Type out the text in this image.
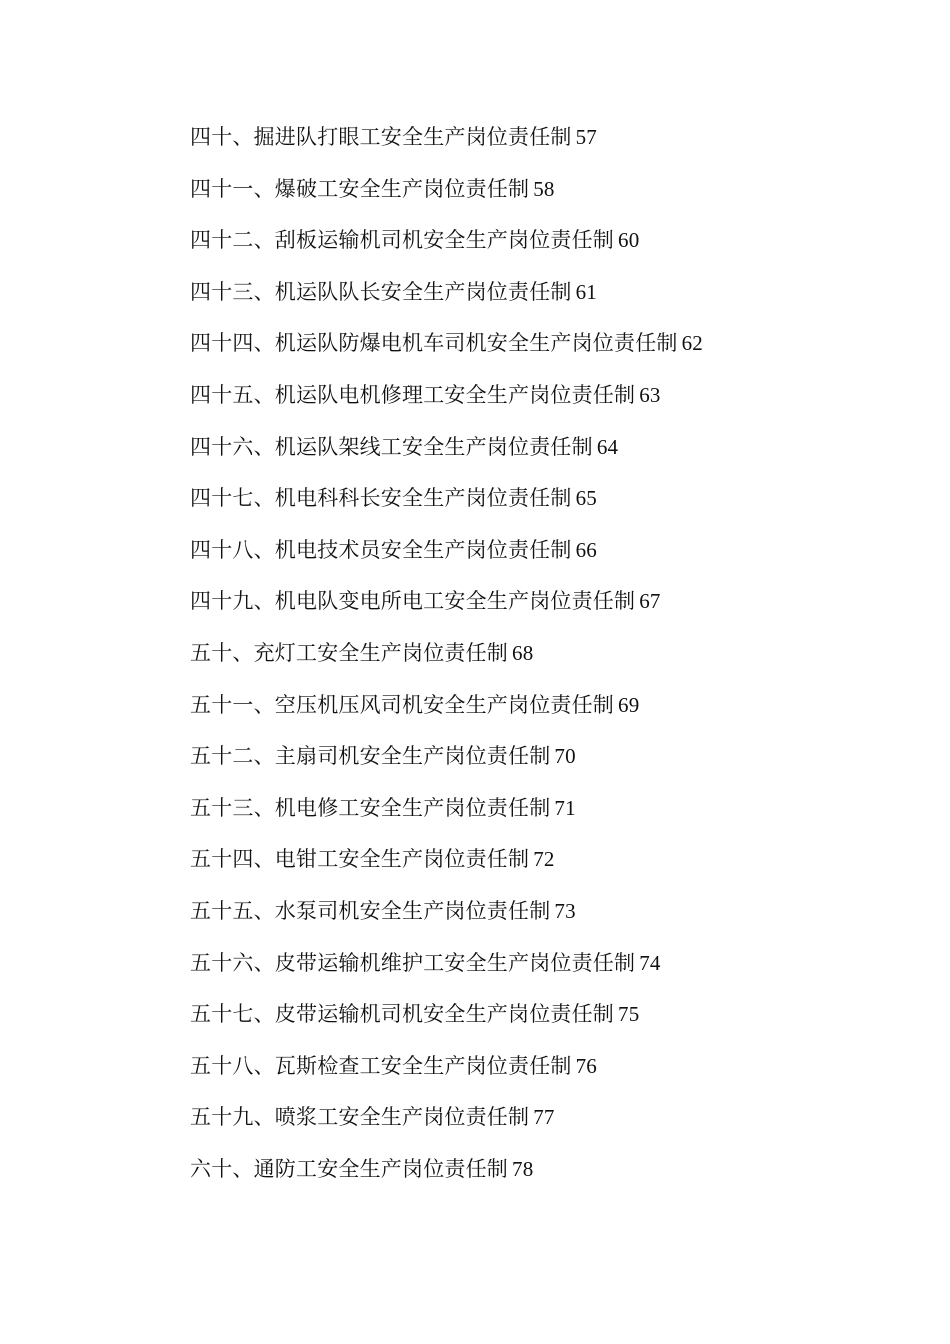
四十、掘进队打眼工安全生产岗位责任制 57
四十一、爆破工安全生产岗位责任制 58
四十二、刮板运输机司机安全生产岗位责任制 60
四十三、机运队队长安全生产岗位责任制 61
四十四、机运队防爆电机车司机安全生产岗位责任制 62
四十五、机运队电机修理工安全生产岗位责任制 63
四十六、机运队架线工安全生产岗位责任制 64
四十七、机电科科长安全生产岗位责任制 65
四十八、机电技术员安全生产岗位责任制 66
四十九、机电队变电所电工安全生产岗位责任制 67
五十、充灯工安全生产岗位责任制 68
五十一、空压机压风司机安全生产岗位责任制 69
五十二、主扇司机安全生产岗位责任制 70
五十三、机电修工安全生产岗位责任制 71
五十四、电钳工安全生产岗位责任制 72
五十五、水泵司机安全生产岗位责任制 73
五十六、皮带运输机维护工安全生产岗位责任制 74
五十七、皮带运输机司机安全生产岗位责任制 75
五十八、瓦斯检查工安全生产岗位责任制 76
五十九、喷浆工安全生产岗位责任制 77
六十、通防工安全生产岗位责任制 78
